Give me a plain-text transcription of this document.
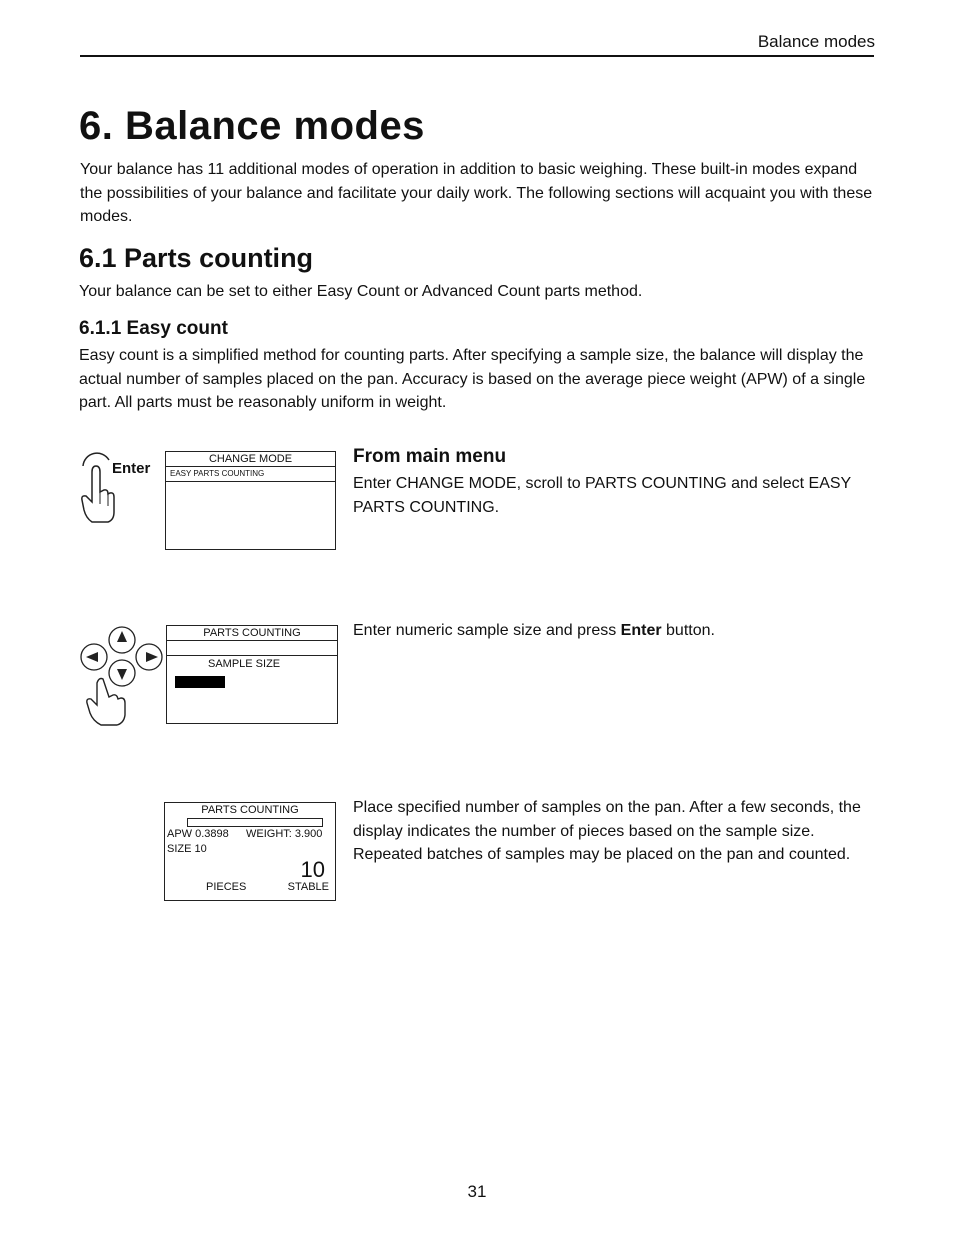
Balance modes
6. Balance modes
Your balance has 11 additional modes of operation in addition to basic weighing. These built-in modes expand the possibilities of your balance and facilitate your daily work. The following sections will acquaint you with these modes.
6.1 Parts counting
Your balance can be set to either Easy Count or Advanced Count parts method.
6.1.1 Easy count
Easy count is a simplified method for counting parts. After specifying a sample size, the balance will display the actual number of samples placed on the pan. Accuracy is based on the average piece weight (APW) of a single part. All parts must be reasonably uniform in weight.
Enter
CHANGE MODE
EASY PARTS COUNTING
From main menu
Enter CHANGE MODE, scroll to PARTS COUNTING and select EASY PARTS COUNTING.
PARTS COUNTING
SAMPLE SIZE
Enter numeric sample size and press Enter button.
PARTS COUNTING
APW 0.3898 WEIGHT: 3.900
SIZE 10
10
PIECES	STABLE
Place specified number of samples on the pan. After a few seconds, the display indicates the number of pieces based on the sample size. Repeated batches of samples may be placed on the pan and counted.
31
